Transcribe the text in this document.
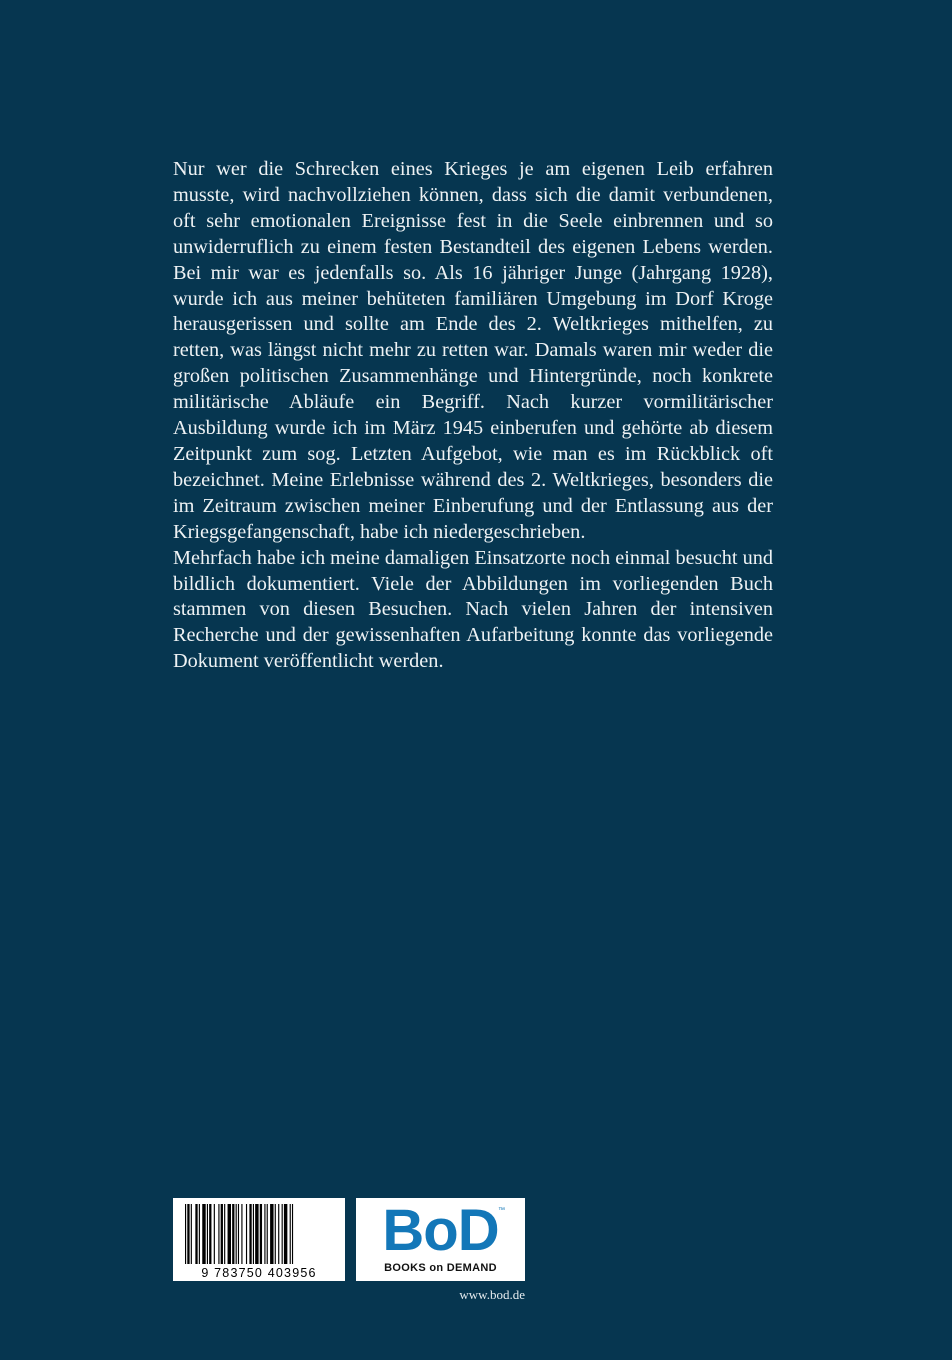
Nur wer die Schrecken eines Krieges je am eigenen Leib erfahren musste, wird nachvollziehen können, dass sich die damit verbundenen, oft sehr emotionalen Ereignisse fest in die Seele einbrennen und so unwiderruflich zu einem festen Bestandteil des eigenen Lebens werden. Bei mir war es jedenfalls so. Als 16 jähriger Junge (Jahrgang 1928), wurde ich aus meiner behüteten familiären Umgebung im Dorf Kroge herausgerissen und sollte am Ende des 2. Weltkrieges mithelfen, zu retten, was längst nicht mehr zu retten war. Damals waren mir weder die großen politischen Zusammenhänge und Hintergründe, noch konkrete militärische Abläufe ein Begriff. Nach kurzer vormilitärischer Ausbildung wurde ich im März 1945 einberufen und gehörte ab diesem Zeitpunkt zum sog. Letzten Aufgebot, wie man es im Rückblick oft bezeichnet. Meine Erlebnisse während des 2. Weltkrieges, besonders die im Zeitraum zwischen meiner Einberufung und der Entlassung aus der Kriegsgefangenschaft, habe ich niedergeschrieben.

Mehrfach habe ich meine damaligen Einsatzorte noch einmal besucht und bildlich dokumentiert. Viele der Abbildungen im vorliegenden Buch stammen von diesen Besuchen. Nach vielen Jahren der intensiven Recherche und der gewissenhaften Aufarbeitung konnte das vorliegende Dokument veröffentlicht werden.

9 783750 403956
BoD ™
BOOKS on DEMAND
www.bod.de
